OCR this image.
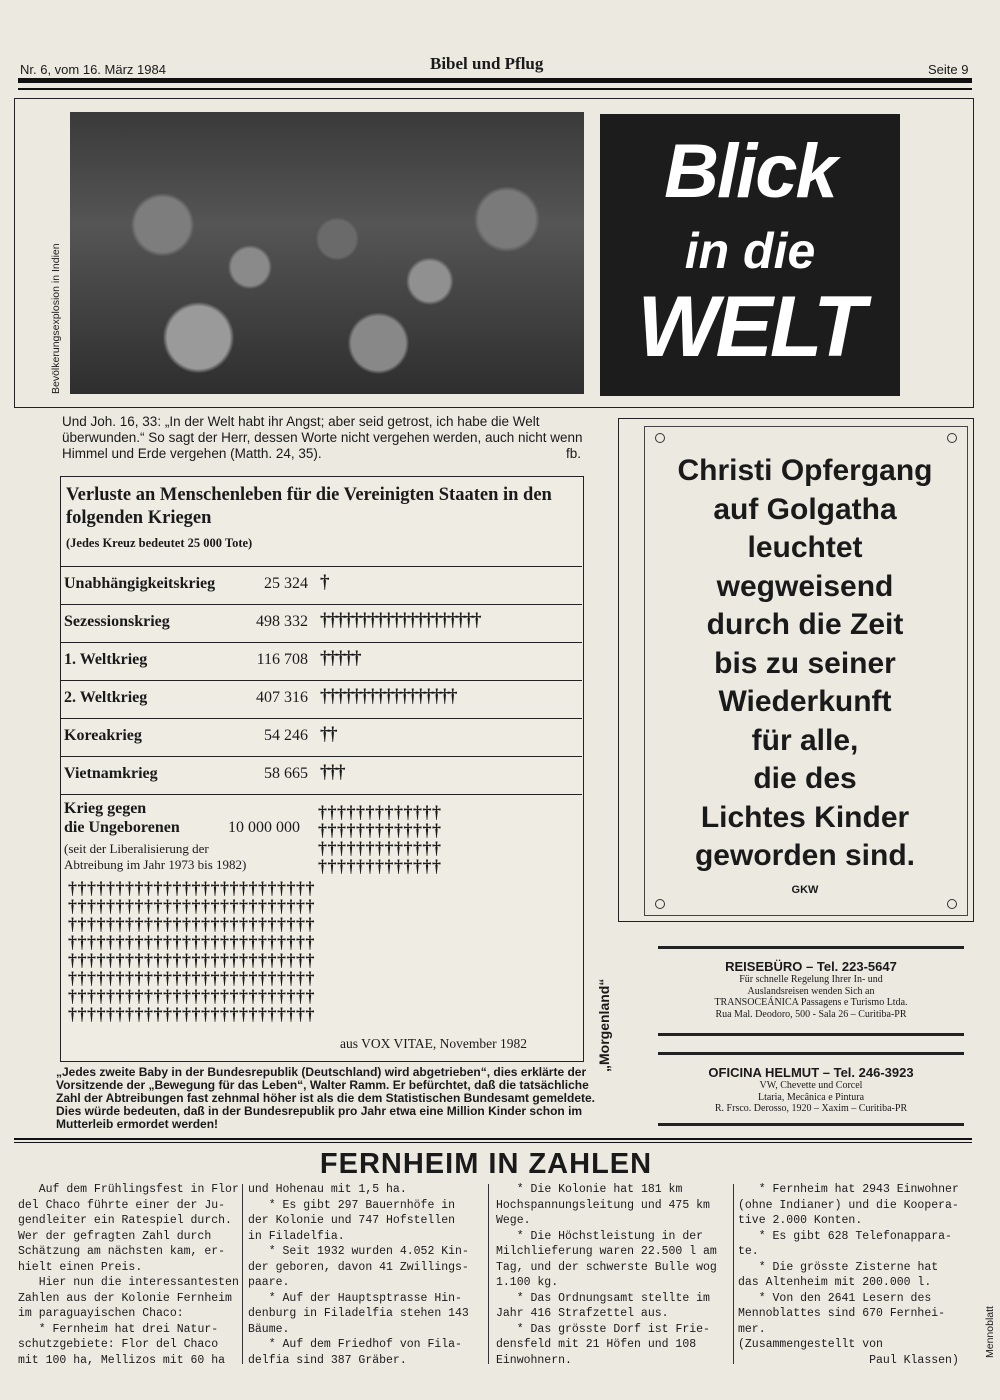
Nr. 6, vom 16. März 1984	Bibel und Pflug	Seite 9
Bevölkerungsexplosion in Indien
Blick
in die
WELT
Und Joh. 16, 33: „In der Welt habt ihr Angst; aber seid getrost, ich habe die Welt überwunden.“ So sagt der Herr, dessen Worte nicht vergehen werden, auch nicht wenn Himmel und Erde vergehen (Matth. 24, 35).	fb.
Verluste an Menschenleben für die Vereinigten Staaten in den folgenden Kriegen
(Jedes Kreuz bedeutet 25 000 Tote)
Unabhängigkeitskrieg	25 324 †
Sezessionskrieg	498 332 ††††††††††††††††††††
1. Weltkrieg	116 708 †††††
2. Weltkrieg	407 316 †††††††††††††††††
Koreakrieg	54 246 ††
Vietnamkrieg	58 665 †††
Krieg gegen
die Ungeborenen	10 000 000
(seit der Liberalisierung der
Abtreibung im Jahr 1973 bis 1982)
†††††††††††††
†††††††††††††
†††††††††††††
†††††††††††††
††††††††††††††††††††††††††
††††††††††††††††††††††††††
††††††††††††††††††††††††††
††††††††††††††††††††††††††
††††††††††††††††††††††††††
††††††††††††††††††††††††††
††††††††††††††††††††††††††
††††††††††††††††††††††††††
aus VOX VITAE, November 1982	„Morgenland“
„Jedes zweite Baby in der Bundesrepublik (Deutschland) wird abgetrieben“, dies erklärte der Vorsitzende der „Bewegung für das Leben“, Walter Ramm. Er befürchtet, daß die tatsächliche Zahl der Abtreibungen fast zehnmal höher ist als die dem Statistischen Bundesamt gemeldete. Dies würde bedeuten, daß in der Bundesrepublik pro Jahr etwa eine Million Kinder schon im Mutterleib ermordet werden!
Christi Opfergang
auf Golgatha
leuchtet
wegweisend
durch die Zeit
bis zu seiner
Wiederkunft
für alle,
die des
Lichtes Kinder
geworden sind.
GKW
REISEBÜRO – Tel. 223-5647
Für schnelle Regelung Ihrer In- und
Auslandsreisen wenden Sich an
TRANSOCEÁNICA Passagens e Turismo Ltda.
Rua Mal. Deodoro, 500 - Sala 26 – Curitiba-PR
OFICINA HELMUT – Tel. 246-3923
VW, Chevette und Corcel
Ltaria, Mecânica e Pintura
R. Frsco. Derosso, 1920 – Xaxim – Curitiba-PR
FERNHEIM IN ZAHLEN
Auf dem Frühlingsfest in Flor
del Chaco führte einer der Ju-
gendleiter ein Ratespiel durch.
Wer der gefragten Zahl durch
Schätzung am nächsten kam, er-
hielt einen Preis.
Hier nun die interessantesten
Zahlen aus der Kolonie Fernheim
im paraguayischen Chaco:
* Fernheim hat drei Natur-
schutzgebiete: Flor del Chaco
mit 100 ha, Mellizos mit 60 ha
und Hohenau mit 1,5 ha.
* Es gibt 297 Bauernhöfe in
der Kolonie und 747 Hofstellen
in Filadelfia.
* Seit 1932 wurden 4.052 Kin-
der geboren, davon 41 Zwillings-
paare.
* Auf der Hauptsptrasse Hin-
denburg in Filadelfia stehen 143
Bäume.
* Auf dem Friedhof von Fila-
delfia sind 387 Gräber.
* Die Kolonie hat 181 km
Hochspannungsleitung und 475 km
Wege.
* Die Höchstleistung in der
Milchlieferung waren 22.500 l am
Tag, und der schwerste Bulle wog
1.100 kg.
* Das Ordnungsamt stellte im
Jahr 416 Strafzettel aus.
* Das grösste Dorf ist Frie-
densfeld mit 21 Höfen und 108
Einwohnern.
* Fernheim hat 2943 Einwohner
(ohne Indianer) und die Koopera-
tive 2.000 Konten.
* Es gibt 628 Telefonappara-
te.
* Die grösste Zisterne hat
das Altenheim mit 200.000 l.
* Von den 2641 Lesern des
Mennoblattes sind 670 Fernhei-
mer.
(Zusammengestellt von
Paul Klassen)
Mennoblatt
